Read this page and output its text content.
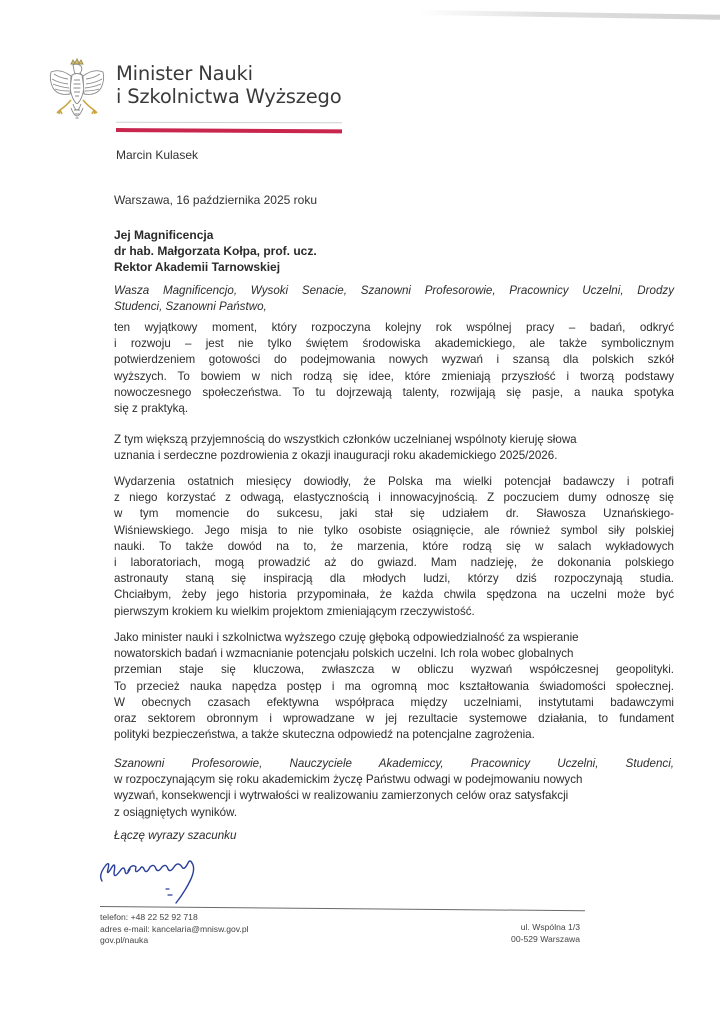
Minister Nauki
i Szkolnictwa Wyższego
Marcin Kulasek
Warszawa, 16 października 2025 roku
Jej Magnificencja
dr hab. Małgorzata Kołpa, prof. ucz.
Rektor Akademii Tarnowskiej
Wasza Magnificencjo, Wysoki Senacie, Szanowni Profesorowie, Pracownicy Uczelni, Drodzy
Studenci, Szanowni Państwo,
ten wyjątkowy moment, który rozpoczyna kolejny rok wspólnej pracy – badań, odkryć
i rozwoju – jest nie tylko świętem środowiska akademickiego, ale także symbolicznym
potwierdzeniem gotowości do podejmowania nowych wyzwań i szansą dla polskich szkół
wyższych. To bowiem w nich rodzą się idee, które zmieniają przyszłość i tworzą podstawy
nowoczesnego społeczeństwa. To tu dojrzewają talenty, rozwijają się pasje, a nauka spotyka
się z praktyką.
Z tym większą przyjemnością do wszystkich członków uczelnianej wspólnoty kieruję słowa
uznania i serdeczne pozdrowienia z okazji inauguracji roku akademickiego 2025/2026.
Wydarzenia ostatnich miesięcy dowiodły, że Polska ma wielki potencjał badawczy i potrafi
z niego korzystać z odwagą, elastycznością i innowacyjnością. Z poczuciem dumy odnoszę się
w tym momencie do sukcesu, jaki stał się udziałem dr. Sławosza Uznańskiego-
Wiśniewskiego. Jego misja to nie tylko osobiste osiągnięcie, ale również symbol siły polskiej
nauki. To także dowód na to, że marzenia, które rodzą się w salach wykładowych
i laboratoriach, mogą prowadzić aż do gwiazd. Mam nadzieję, że dokonania polskiego
astronauty staną się inspiracją dla młodych ludzi, którzy dziś rozpoczynają studia.
Chciałbym, żeby jego historia przypominała, że każda chwila spędzona na uczelni może być
pierwszym krokiem ku wielkim projektom zmieniającym rzeczywistość.
Jako minister nauki i szkolnictwa wyższego czuję głęboką odpowiedzialność za wspieranie
nowatorskich badań i wzmacnianie potencjału polskich uczelni. Ich rola wobec globalnych
przemian staje się kluczowa, zwłaszcza w obliczu wyzwań współczesnej geopolityki.
To przecież nauka napędza postęp i ma ogromną moc kształtowania świadomości społecznej.
W obecnych czasach efektywna współpraca między uczelniami, instytutami badawczymi
oraz sektorem obronnym i wprowadzane w jej rezultacie systemowe działania, to fundament
polityki bezpieczeństwa, a także skuteczna odpowiedź na potencjalne zagrożenia.
Szanowni Profesorowie, Nauczyciele Akademiccy, Pracownicy Uczelni, Studenci,
w rozpoczynającym się roku akademickim życzę Państwu odwagi w podejmowaniu nowych
wyzwań, konsekwencji i wytrwałości w realizowaniu zamierzonych celów oraz satysfakcji
z osiągniętych wyników.
Łączę wyrazy szacunku
telefon: +48 22 52 92 718
adres e-mail: kancelaria@mnisw.gov.pl
gov.pl/nauka
ul. Wspólna 1/3
00-529 Warszawa
